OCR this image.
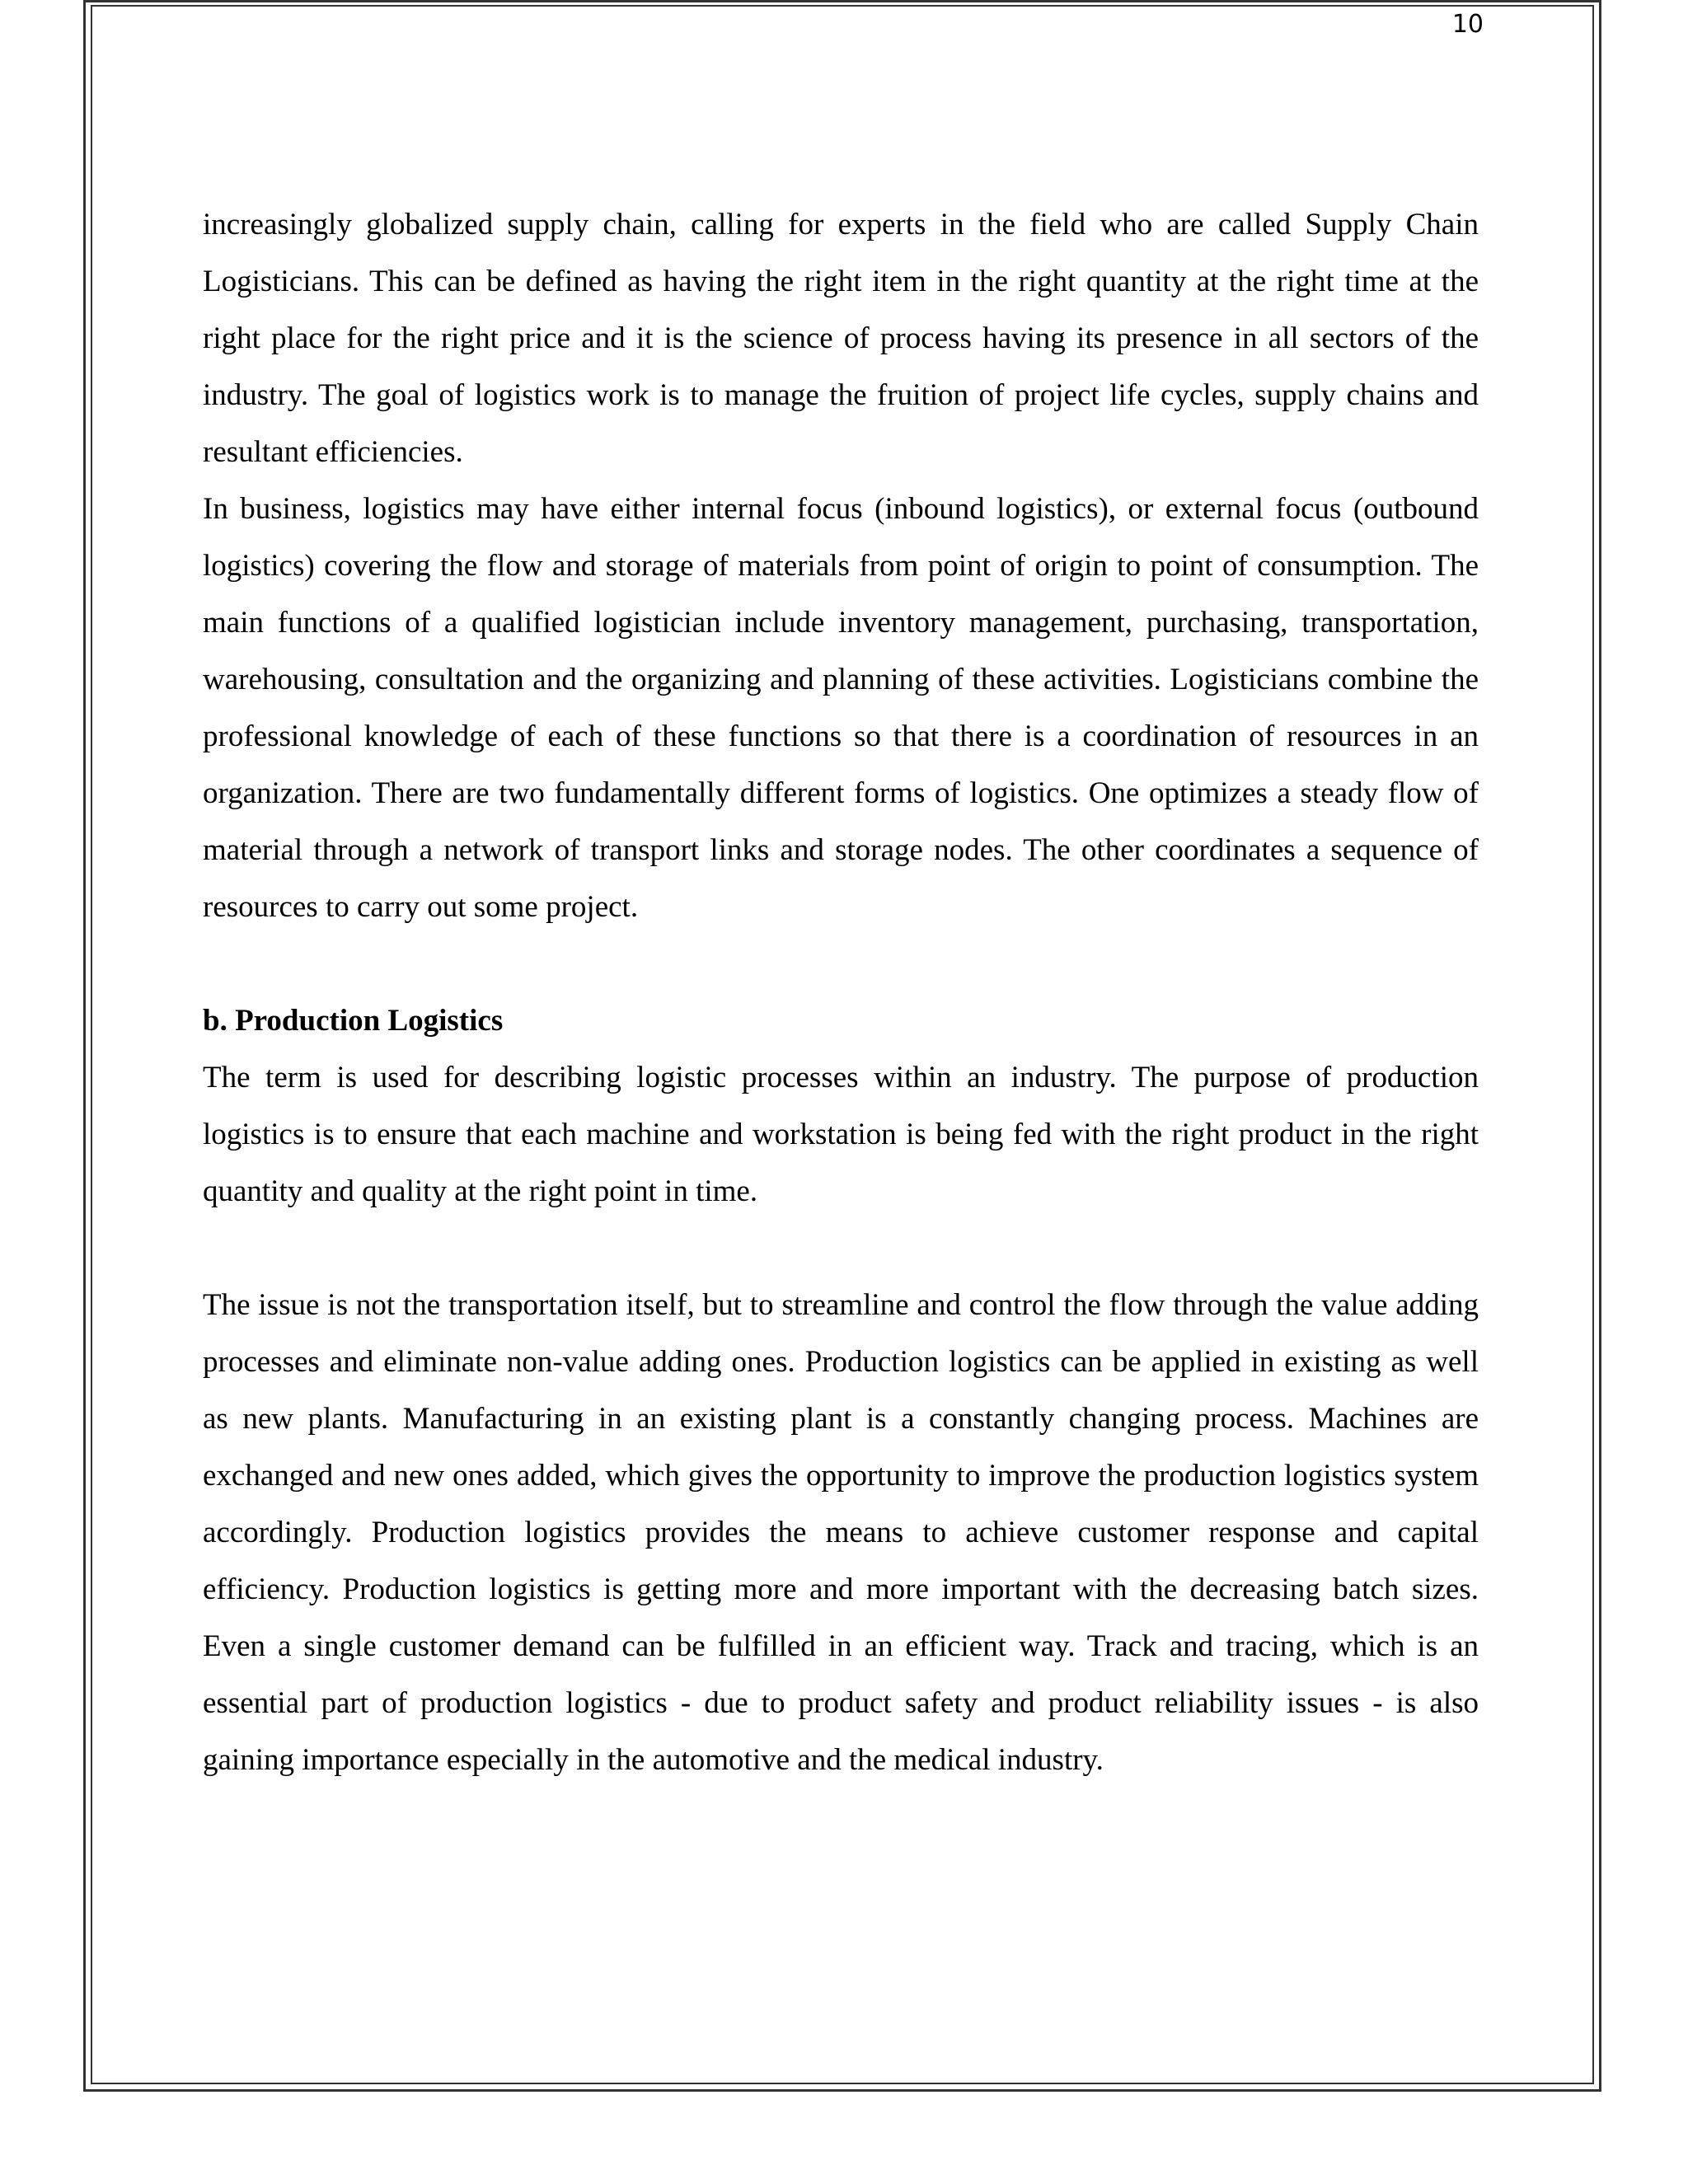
10

increasingly globalized supply chain, calling for experts in the field who are called Supply Chain Logisticians. This can be defined as having the right item in the right quantity at the right time at the right place for the right price and it is the science of process having its presence in all sectors of the industry. The goal of logistics work is to manage the fruition of project life cycles, supply chains and resultant efficiencies.

In business, logistics may have either internal focus (inbound logistics), or external focus (outbound logistics) covering the flow and storage of materials from point of origin to point of consumption. The main functions of a qualified logistician include inventory management, purchasing, transportation, warehousing, consultation and the organizing and planning of these activities. Logisticians combine the professional knowledge of each of these functions so that there is a coordination of resources in an organization. There are two fundamentally different forms of logistics. One optimizes a steady flow of material through a network of transport links and storage nodes. The other coordinates a sequence of resources to carry out some project.

b. Production Logistics

The term is used for describing logistic processes within an industry. The purpose of production logistics is to ensure that each machine and workstation is being fed with the right product in the right quantity and quality at the right point in time.

The issue is not the transportation itself, but to streamline and control the flow through the value adding processes and eliminate non-value adding ones. Production logistics can be applied in existing as well as new plants. Manufacturing in an existing plant is a constantly changing process. Machines are exchanged and new ones added, which gives the opportunity to improve the production logistics system accordingly. Production logistics provides the means to achieve customer response and capital efficiency. Production logistics is getting more and more important with the decreasing batch sizes. Even a single customer demand can be fulfilled in an efficient way. Track and tracing, which is an essential part of production logistics - due to product safety and product reliability issues - is also gaining importance especially in the automotive and the medical industry.
